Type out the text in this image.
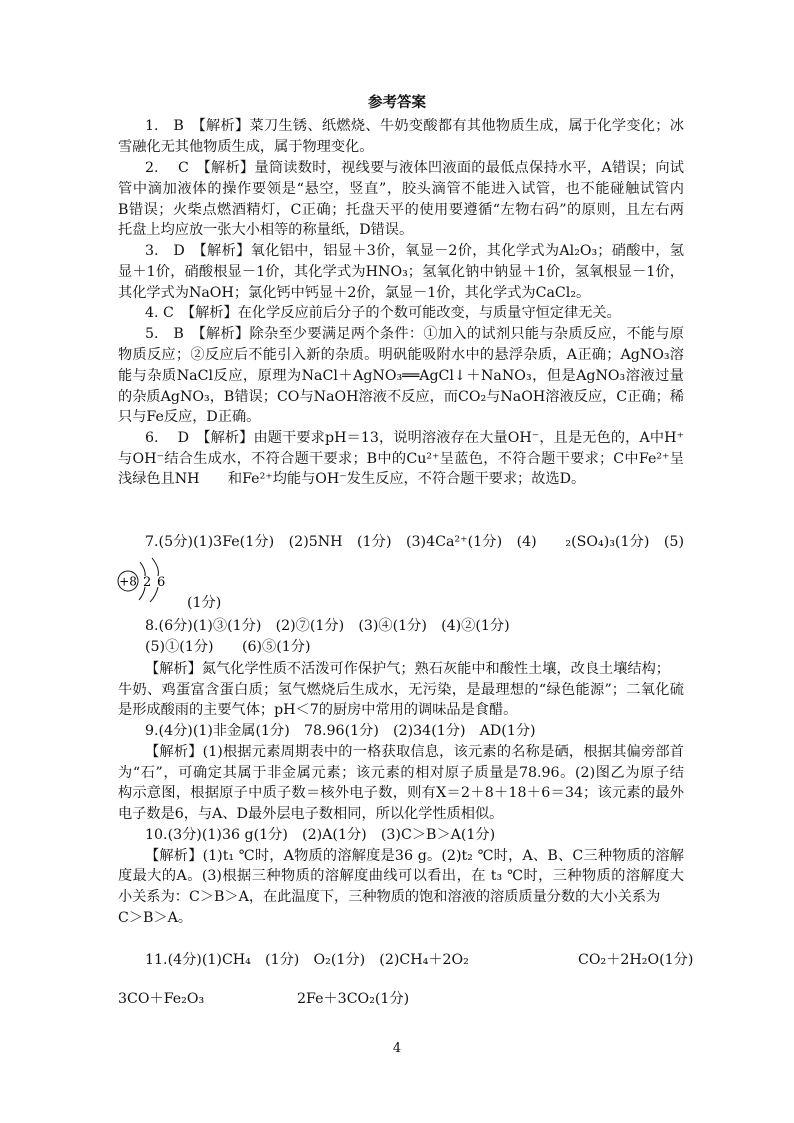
参考答案
1.　B　【解析】菜刀生锈、纸燃烧、牛奶变酸都有其他物质生成，属于化学变化；冰
雪融化无其他物质生成，属于物理变化。
2.　 C　【解析】量筒读数时，视线要与液体凹液面的最低点保持水平，A错误；向试
管中滴加液体的操作要领是“悬空，竖直”，胶头滴管不能进入试管，也不能碰触试管内
B错误；火柴点燃酒精灯，C正确；托盘天平的使用要遵循“左物右码”的原则，且左右两
托盘上均应放一张大小相等的称量纸，D错误。
3.　D　【解析】氧化铝中，铝显＋3价，氧显－2价，其化学式为Al₂O₃；硝酸中，氢
显＋1价，硝酸根显－1价，其化学式为HNO₃；氢氧化钠中钠显＋1价，氢氧根显－1价，
其化学式为NaOH；氯化钙中钙显＋2价，氯显－1价，其化学式为CaCl₂。
4. C　【解析】在化学反应前后分子的个数可能改变，与质量守恒定律无关。
5.　B　【解析】除杂至少要满足两个条件：①加入的试剂只能与杂质反应，不能与原
物质反应；②反应后不能引入新的杂质。明矾能吸附水中的悬浮杂质，A正确；AgNO₃溶
能与杂质NaCl反应，原理为NaCl＋AgNO₃══AgCl↓＋NaNO₃，但是AgNO₃溶液过量
的杂质AgNO₃，B错误；CO与NaOH溶液不反应，而CO₂与NaOH溶液反应，C正确；稀
只与Fe反应，D正确。
6.　 D　【解析】由题干要求pH＝13，说明溶液存在大量OH⁻，且是无色的，A中H⁺
与OH⁻结合生成水，不符合题干要求；B中的Cu²⁺呈蓝色，不符合题干要求；C中Fe²⁺呈
浅绿色且NH　　和Fe²⁺均能与OH⁻发生反应，不符合题干要求；故选D。
7.(5分)(1)3Fe(1分)　(2)5NH　(1分)　(3)4Ca²⁺(1分)　(4)　　₂(SO₄)₃(1分)　(5)
+8 2 6
(1分)
8.(6分)(1)③(1分)　(2)⑦(1分)　(3)④(1分)　(4)②(1分)
(5)①(1分)　　(6)⑤(1分)
【解析】氮气化学性质不活泼可作保护气；熟石灰能中和酸性土壤，改良土壤结构；
牛奶、鸡蛋富含蛋白质；氢气燃烧后生成水，无污染，是最理想的“绿色能源”；二氧化硫
是形成酸雨的主要气体；pH＜7的厨房中常用的调味品是食醋。
9.(4分)(1)非金属(1分)　78.96(1分)　(2)34(1分)　AD(1分)
【解析】(1)根据元素周期表中的一格获取信息，该元素的名称是硒，根据其偏旁部首
为“石”，可确定其属于非金属元素；该元素的相对原子质量是78.96。(2)图乙为原子结
构示意图，根据原子中质子数＝核外电子数，则有X＝2＋8＋18＋6＝34；该元素的最外
电子数是6，与A、D最外层电子数相同，所以化学性质相似。
10.(3分)(1)36 g(1分)　(2)A(1分)　(3)C＞B＞A(1分)
【解析】(1)t₁ ℃时，A物质的溶解度是36 g。(2)t₂ ℃时，A、B、C三种物质的溶解
度最大的A。(3)根据三种物质的溶解度曲线可以看出，在 t₃ ℃时，三种物质的溶解度大
小关系为：C＞B＞A，在此温度下，三种物质的饱和溶液的溶质质量分数的大小关系为
C＞B＞A。
11.(4分)(1)CH₄　(1分)　O₂(1分)　(2)CH₄＋2O₂	CO₂＋2H₂O(1分)
3CO＋Fe₂O₃	2Fe＋3CO₂(1分)
4
